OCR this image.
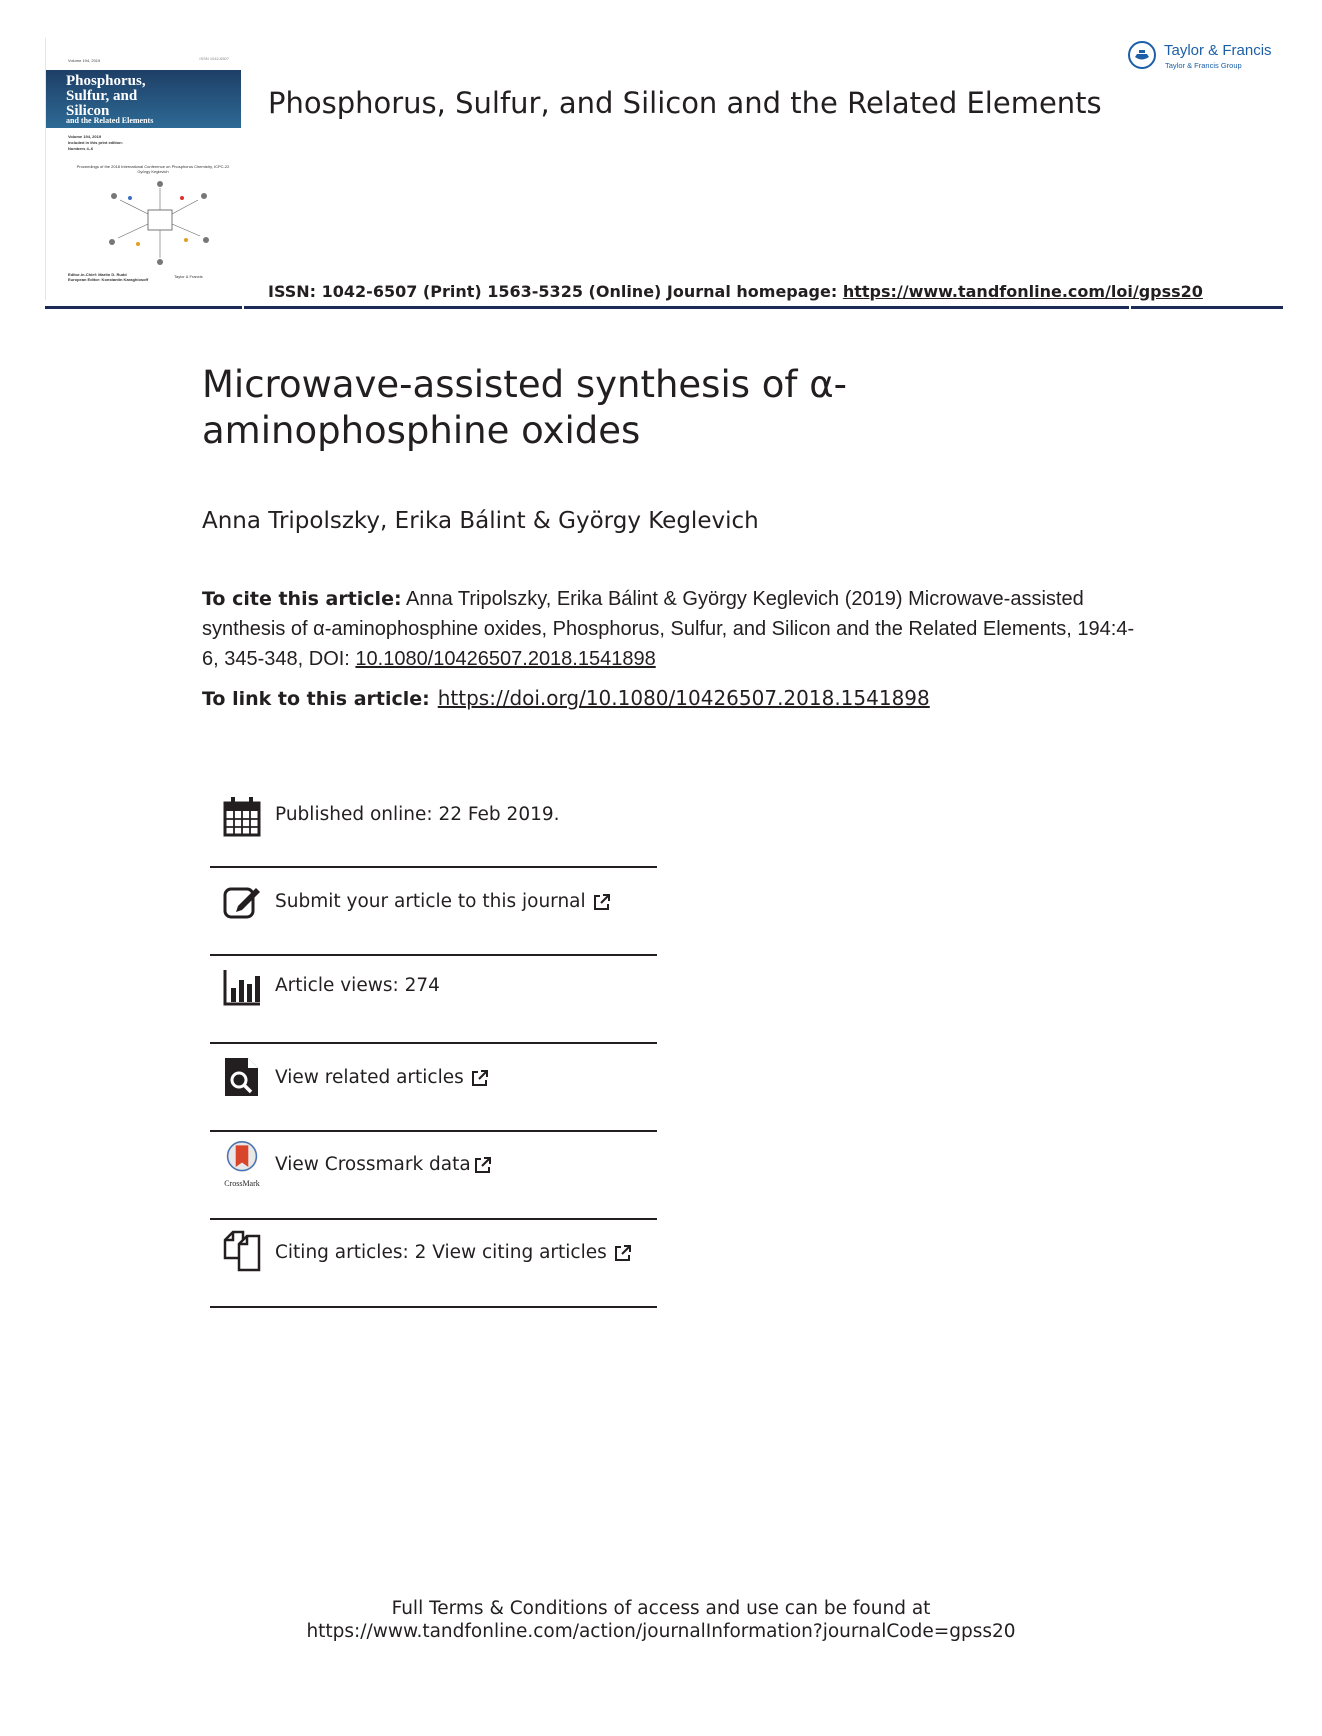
Volume 194, 2019	ISSN 1042-6507
Phosphorus,
Sulfur, and
Silicon
and the Related Elements
Volume 194, 2019
Included in this print edition:
Numbers 4–6
Proceedings of the 2018 International Conference on Phosphorus Chemistry, ICPC-22
György Keglevich
Editor-in-Chief: Martin D. Rudd
European Editor: Konstantin Karaghiosoff
Taylor & Francis
Taylor & Francis
Taylor & Francis Group
Phosphorus, Sulfur, and Silicon and the Related Elements
ISSN: 1042-6507 (Print) 1563-5325 (Online) Journal homepage: https://www.tandfonline.com/loi/gpss20
Microwave-assisted synthesis of α-
aminophosphine oxides
Anna Tripolszky, Erika Bálint & György Keglevich
To cite this article: Anna Tripolszky, Erika Bálint & György Keglevich (2019) Microwave-assisted synthesis of α-aminophosphine oxides, Phosphorus, Sulfur, and Silicon and the Related Elements, 194:4-6, 345-348, DOI: 10.1080/10426507.2018.1541898
To link to this article: https://doi.org/10.1080/10426507.2018.1541898
Published online: 22 Feb 2019.
Submit your article to this journal
Article views: 274
View related articles
CrossMark
View Crossmark data
Citing articles: 2 View citing articles
Full Terms & Conditions of access and use can be found at
https://www.tandfonline.com/action/journalInformation?journalCode=gpss20
